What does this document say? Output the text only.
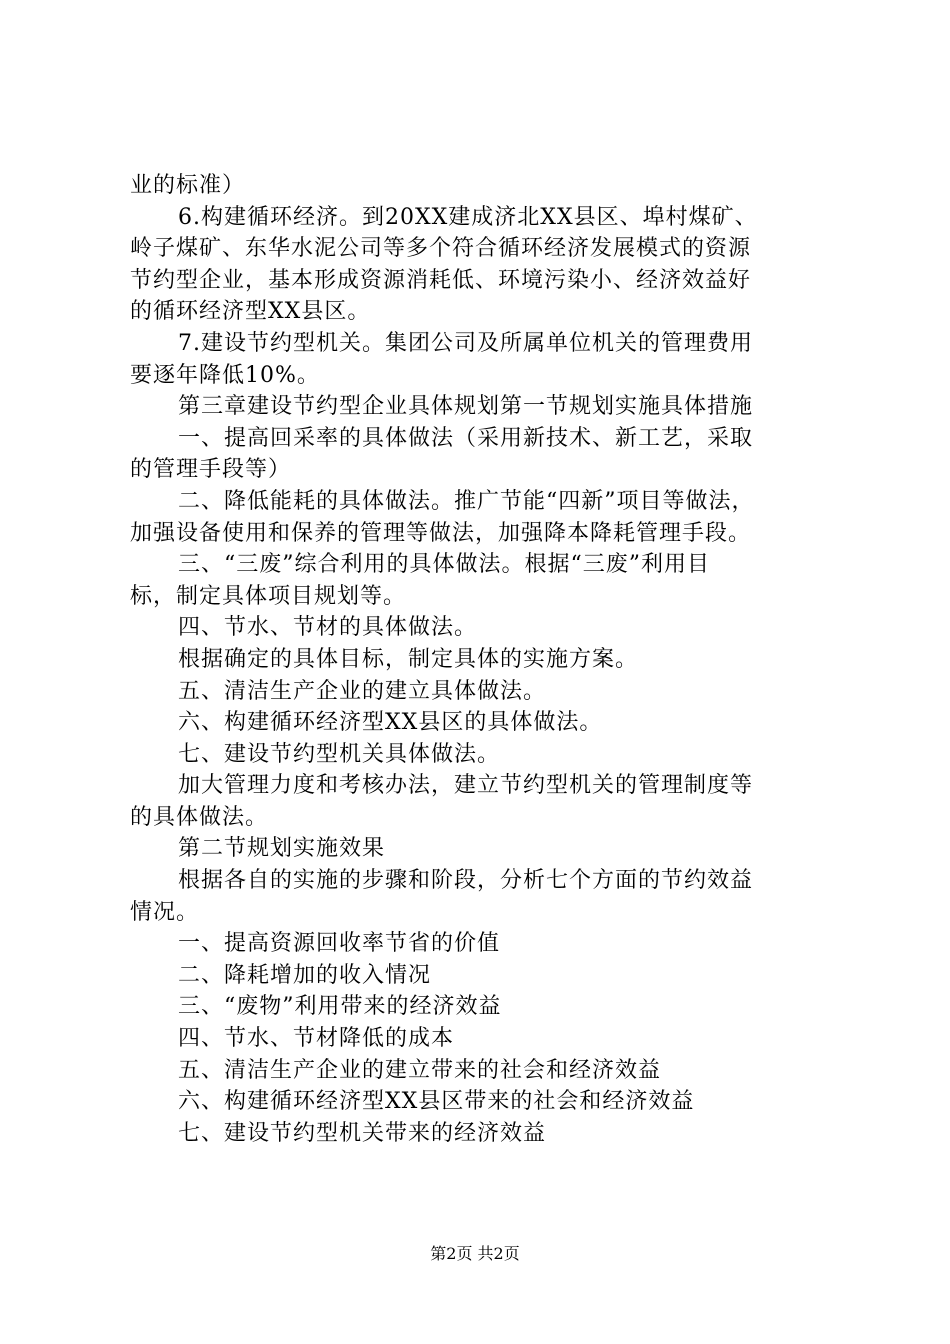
业的标准）
6.构建循环经济。到20XX建成济北XX县区、埠村煤矿、
岭子煤矿、东华水泥公司等多个符合循环经济发展模式的资源
节约型企业，基本形成资源消耗低、环境污染小、经济效益好
的循环经济型XX县区。
7.建设节约型机关。集团公司及所属单位机关的管理费用
要逐年降低10%。
第三章建设节约型企业具体规划第一节规划实施具体措施
一、提高回采率的具体做法（采用新技术、新工艺，采取
的管理手段等）
二、降低能耗的具体做法。推广节能“四新”项目等做法，
加强设备使用和保养的管理等做法，加强降本降耗管理手段。
三、“三废”综合利用的具体做法。根据“三废”利用目
标，制定具体项目规划等。
四、节水、节材的具体做法。
根据确定的具体目标，制定具体的实施方案。
五、清洁生产企业的建立具体做法。
六、构建循环经济型XX县区的具体做法。
七、建设节约型机关具体做法。
加大管理力度和考核办法，建立节约型机关的管理制度等
的具体做法。
第二节规划实施效果
根据各自的实施的步骤和阶段，分析七个方面的节约效益
情况。
一、提高资源回收率节省的价值
二、降耗增加的收入情况
三、“废物”利用带来的经济效益
四、节水、节材降低的成本
五、清洁生产企业的建立带来的社会和经济效益
六、构建循环经济型XX县区带来的社会和经济效益
七、建设节约型机关带来的经济效益
第2页 共2页
